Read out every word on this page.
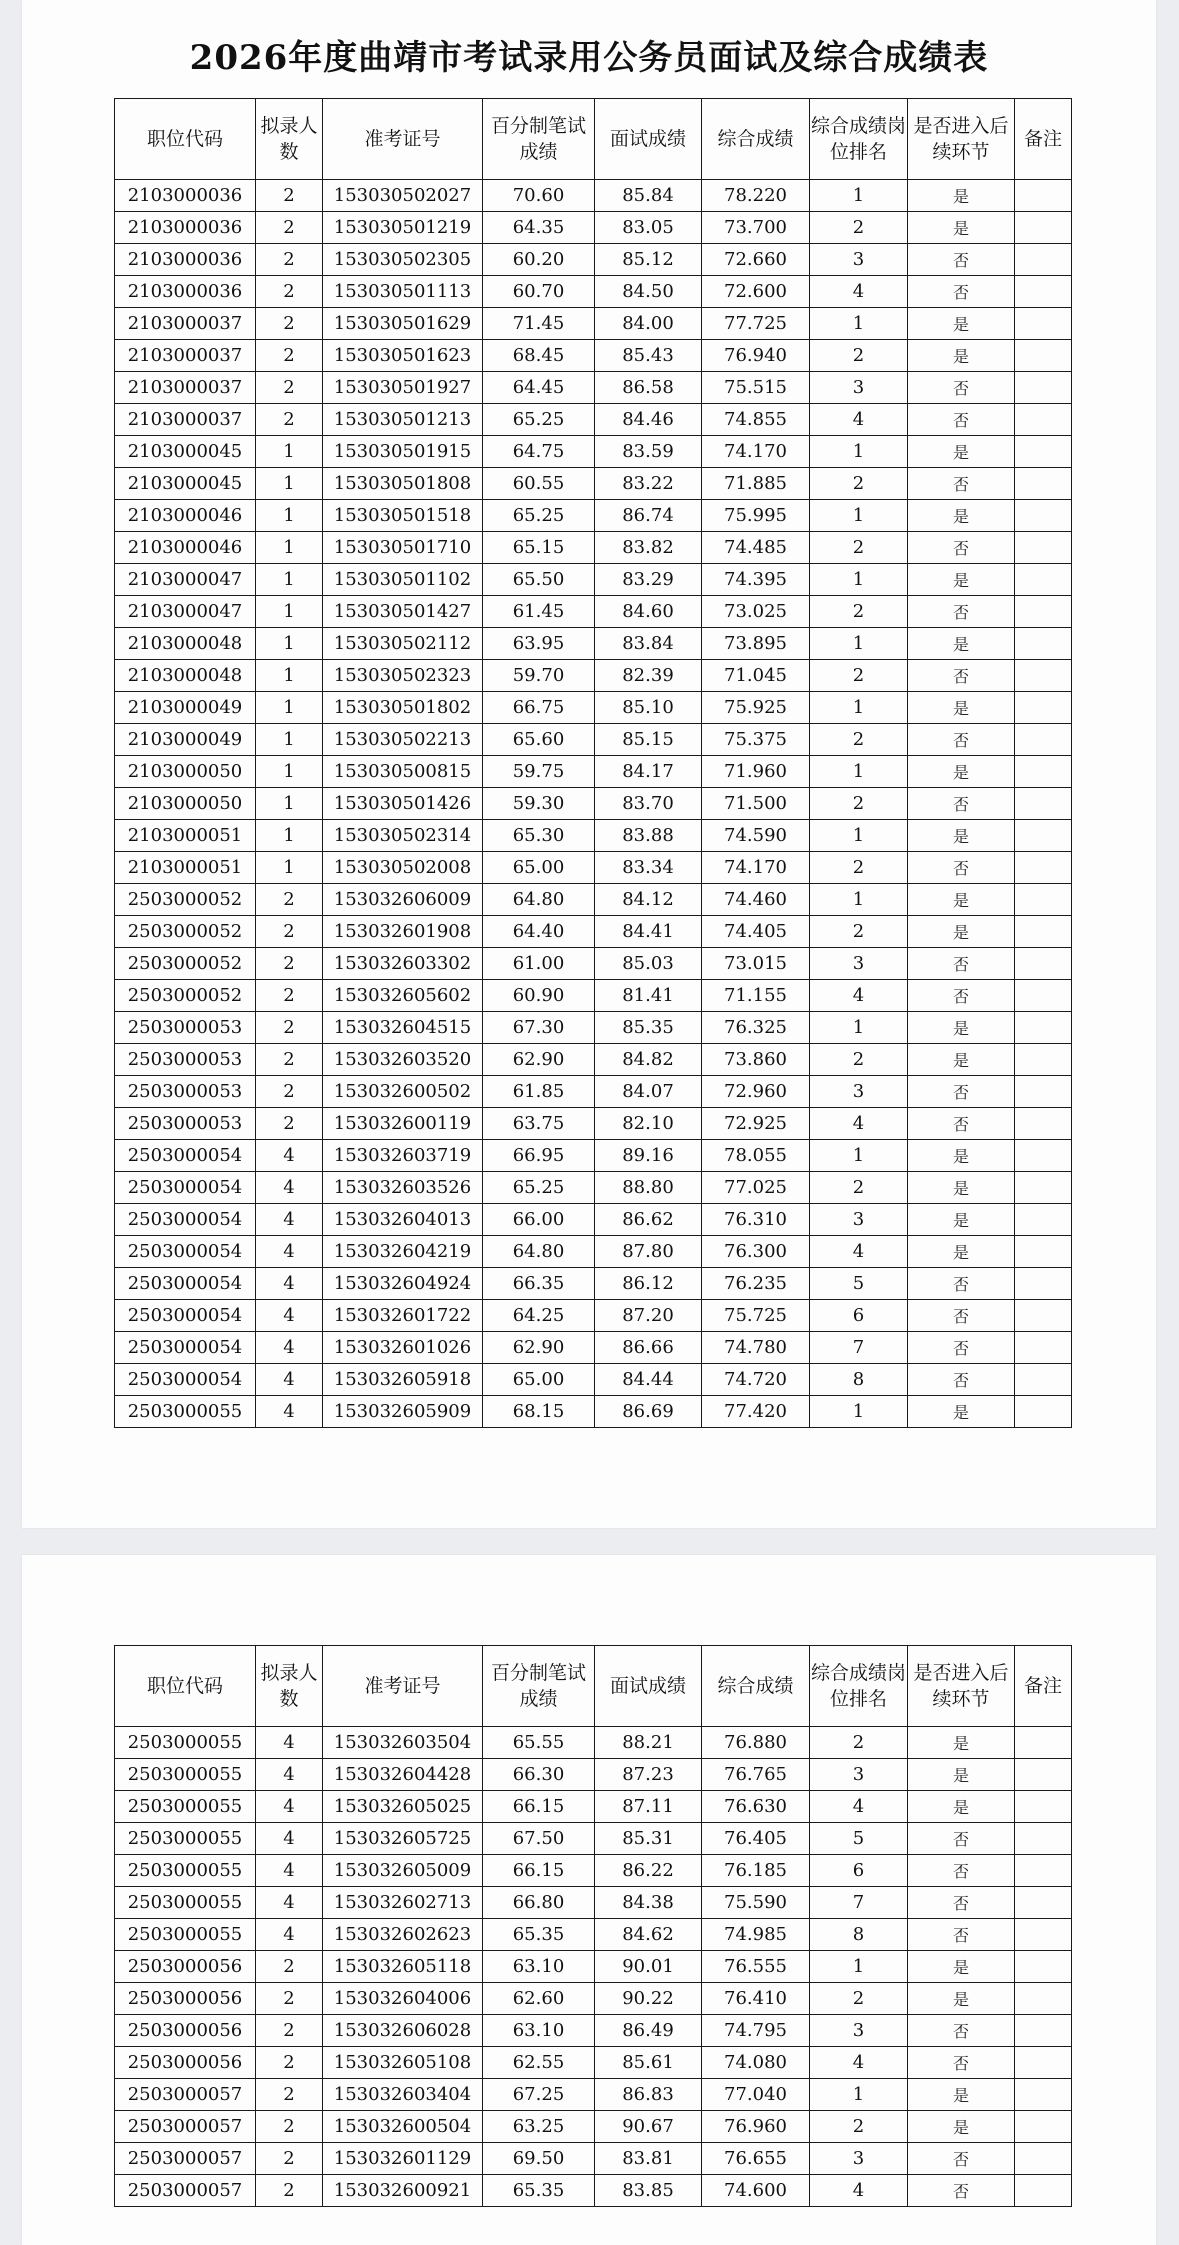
2026年度曲靖市考试录用公务员面试及综合成绩表
职位代码	拟录人数	准考证号	百分制笔试成绩	面试成绩	综合成绩	综合成绩岗位排名	是否进入后续环节	备注
2103000036	2	153030502027	70.60	85.84	78.220	1	是	
2103000036	2	153030501219	64.35	83.05	73.700	2	是	
2103000036	2	153030502305	60.20	85.12	72.660	3	否	
2103000036	2	153030501113	60.70	84.50	72.600	4	否	
2103000037	2	153030501629	71.45	84.00	77.725	1	是	
2103000037	2	153030501623	68.45	85.43	76.940	2	是	
2103000037	2	153030501927	64.45	86.58	75.515	3	否	
2103000037	2	153030501213	65.25	84.46	74.855	4	否	
2103000045	1	153030501915	64.75	83.59	74.170	1	是	
2103000045	1	153030501808	60.55	83.22	71.885	2	否	
2103000046	1	153030501518	65.25	86.74	75.995	1	是	
2103000046	1	153030501710	65.15	83.82	74.485	2	否	
2103000047	1	153030501102	65.50	83.29	74.395	1	是	
2103000047	1	153030501427	61.45	84.60	73.025	2	否	
2103000048	1	153030502112	63.95	83.84	73.895	1	是	
2103000048	1	153030502323	59.70	82.39	71.045	2	否	
2103000049	1	153030501802	66.75	85.10	75.925	1	是	
2103000049	1	153030502213	65.60	85.15	75.375	2	否	
2103000050	1	153030500815	59.75	84.17	71.960	1	是	
2103000050	1	153030501426	59.30	83.70	71.500	2	否	
2103000051	1	153030502314	65.30	83.88	74.590	1	是	
2103000051	1	153030502008	65.00	83.34	74.170	2	否	
2503000052	2	153032606009	64.80	84.12	74.460	1	是	
2503000052	2	153032601908	64.40	84.41	74.405	2	是	
2503000052	2	153032603302	61.00	85.03	73.015	3	否	
2503000052	2	153032605602	60.90	81.41	71.155	4	否	
2503000053	2	153032604515	67.30	85.35	76.325	1	是	
2503000053	2	153032603520	62.90	84.82	73.860	2	是	
2503000053	2	153032600502	61.85	84.07	72.960	3	否	
2503000053	2	153032600119	63.75	82.10	72.925	4	否	
2503000054	4	153032603719	66.95	89.16	78.055	1	是	
2503000054	4	153032603526	65.25	88.80	77.025	2	是	
2503000054	4	153032604013	66.00	86.62	76.310	3	是	
2503000054	4	153032604219	64.80	87.80	76.300	4	是	
2503000054	4	153032604924	66.35	86.12	76.235	5	否	
2503000054	4	153032601722	64.25	87.20	75.725	6	否	
2503000054	4	153032601026	62.90	86.66	74.780	7	否	
2503000054	4	153032605918	65.00	84.44	74.720	8	否	
2503000055	4	153032605909	68.15	86.69	77.420	1	是	
职位代码	拟录人数	准考证号	百分制笔试成绩	面试成绩	综合成绩	综合成绩岗位排名	是否进入后续环节	备注
2503000055	4	153032603504	65.55	88.21	76.880	2	是	
2503000055	4	153032604428	66.30	87.23	76.765	3	是	
2503000055	4	153032605025	66.15	87.11	76.630	4	是	
2503000055	4	153032605725	67.50	85.31	76.405	5	否	
2503000055	4	153032605009	66.15	86.22	76.185	6	否	
2503000055	4	153032602713	66.80	84.38	75.590	7	否	
2503000055	4	153032602623	65.35	84.62	74.985	8	否	
2503000056	2	153032605118	63.10	90.01	76.555	1	是	
2503000056	2	153032604006	62.60	90.22	76.410	2	是	
2503000056	2	153032606028	63.10	86.49	74.795	3	否	
2503000056	2	153032605108	62.55	85.61	74.080	4	否	
2503000057	2	153032603404	67.25	86.83	77.040	1	是	
2503000057	2	153032600504	63.25	90.67	76.960	2	是	
2503000057	2	153032601129	69.50	83.81	76.655	3	否	
2503000057	2	153032600921	65.35	83.85	74.600	4	否	
